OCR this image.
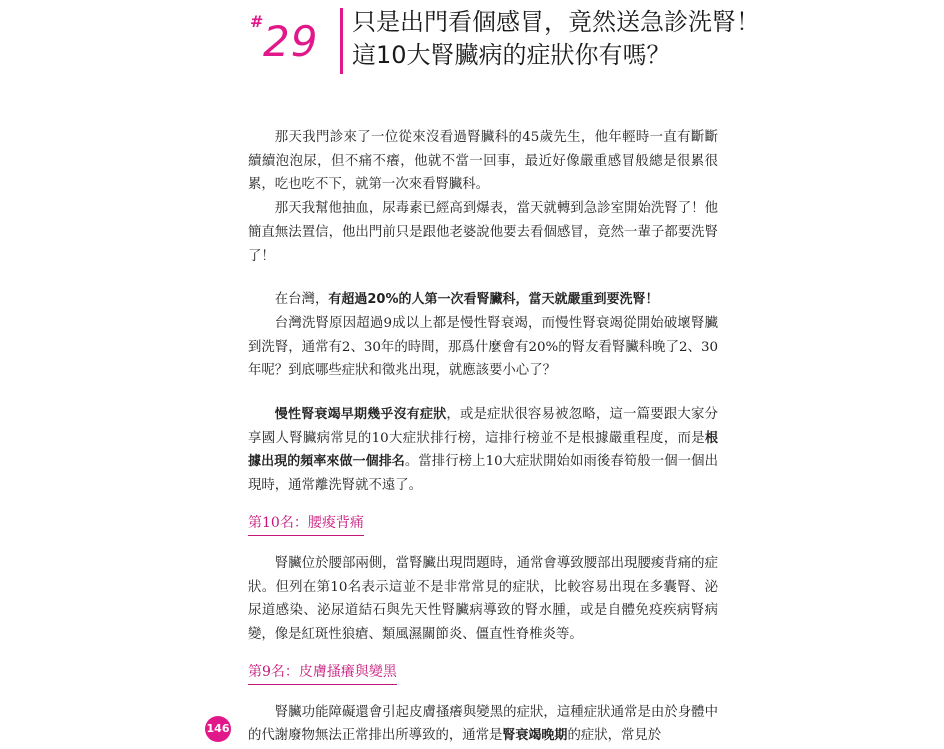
# 29 只是出門看個感冒，竟然送急診洗腎！
這10大腎臟病的症狀你有嗎？

那天我門診來了一位從來沒看過腎臟科的45歲先生，他年輕時一直有斷斷續續泡泡尿，但不痛不癢，他就不當一回事，最近好像嚴重感冒般總是很累很累，吃也吃不下，就第一次來看腎臟科。

那天我幫他抽血，尿毒素已經高到爆表，當天就轉到急診室開始洗腎了！他簡直無法置信，他出門前只是跟他老婆說他要去看個感冒，竟然一輩子都要洗腎了！

在台灣，有超過20%的人第一次看腎臟科，當天就嚴重到要洗腎！

台灣洗腎原因超過9成以上都是慢性腎衰竭，而慢性腎衰竭從開始破壞腎臟到洗腎，通常有2、30年的時間，那爲什麼會有20%的腎友看腎臟科晚了2、30年呢？到底哪些症狀和徵兆出現，就應該要小心了？

慢性腎衰竭早期幾乎沒有症狀，或是症狀很容易被忽略，這一篇要跟大家分享國人腎臟病常見的10大症狀排行榜，這排行榜並不是根據嚴重程度，而是根據出現的頻率來做一個排名。當排行榜上10大症狀開始如雨後春筍般一個一個出現時，通常離洗腎就不遠了。

第10名：腰痠背痛

腎臟位於腰部兩側，當腎臟出現問題時，通常會導致腰部出現腰痠背痛的症狀。但列在第10名表示這並不是非常常見的症狀，比較容易出現在多囊腎、泌尿道感染、泌尿道結石與先天性腎臟病導致的腎水腫，或是自體免疫疾病腎病變，像是紅斑性狼瘡、類風濕關節炎、僵直性脊椎炎等。

第9名：皮膚搔癢與變黑

腎臟功能障礙還會引起皮膚搔癢與變黑的症狀，這種症狀通常是由於身體中的代謝廢物無法正常排出所導致的，通常是腎衰竭晚期的症狀，常見於

146
